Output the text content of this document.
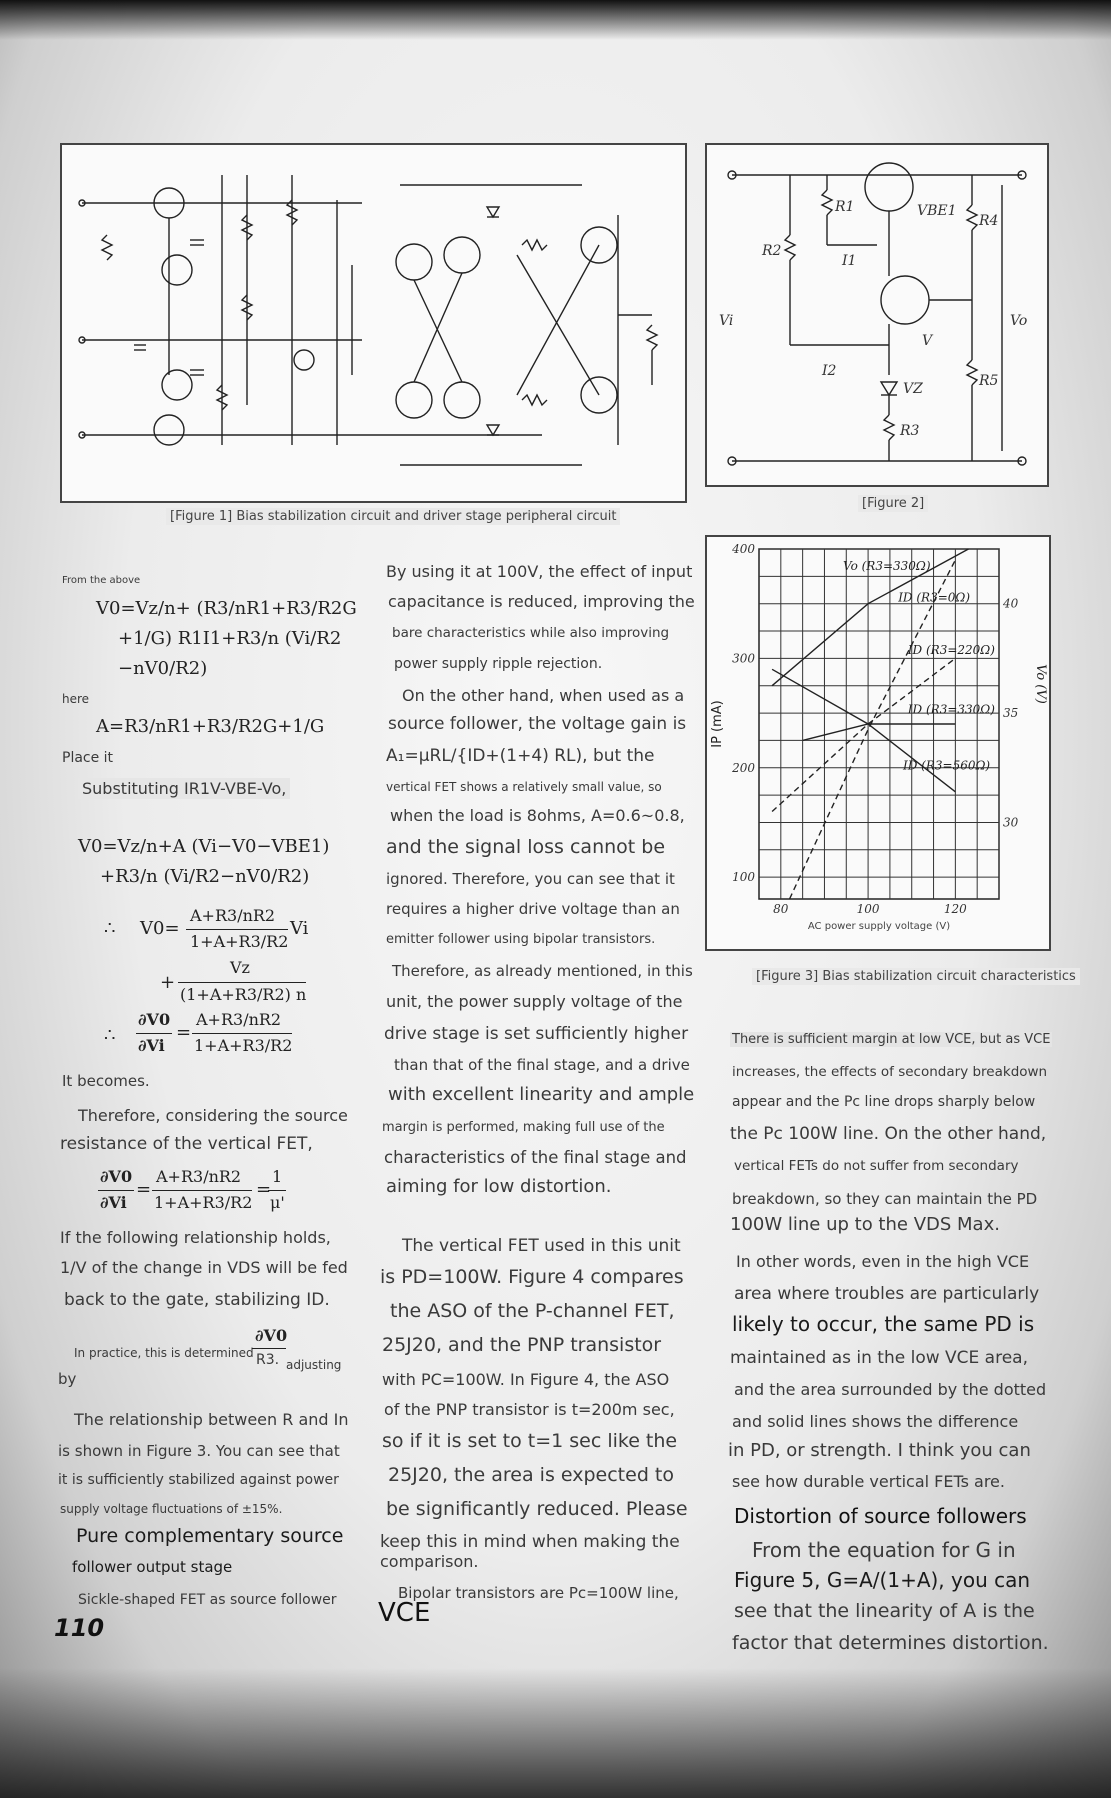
[Figure 1] Bias stabilization circuit and driver stage peripheral circuit
R1
R2
R3
R4
R5
Vi	Vo
VBE1
I1
I2
VZ
V
[Figure 2]
80	100	120
100
200
300
400
30
35
40
AC power supply voltage (V)
IP (mA)
Vo (V)
Vo (R3=330Ω)
ID (R3=0Ω)
ID (R3=220Ω)
ID (R3=330Ω)
ID (R3=560Ω)
[Figure 3] Bias stabilization circuit characteristics
From the above
V0=Vz/n+ (R3/nR1+R3/R2G
+1/G) R1I1+R3/n (Vi/R2
−nV0/R2)
here
A=R3/nR1+R3/R2G+1/G
Place it
Substituting IR1V-VBE-Vo,
V0=Vz/n+A (Vi−V0−VBE1)
+R3/n (Vi/R2−nV0/R2)
∴ V0=
A+R3/nR2
1+A+R3/R2
Vi
+
Vz
(1+A+R3/R2) n
∴
∂V0
∂Vi
=
A+R3/nR2
1+A+R3/R2
It becomes.
Therefore, considering the source
resistance of the vertical FET,
∂V0
∂Vi
=
A+R3/nR2
1+A+R3/R2
=
1
μ'
If the following relationship holds,
1/V of the change in VDS will be fed
back to the gate, stabilizing ID.
In practice, this is determined
∂V0
R3. adjusting
by
The relationship between R and In
is shown in Figure 3. You can see that
it is sufficiently stabilized against power
supply voltage fluctuations of ±15%.
Pure complementary source
follower output stage
Sickle-shaped FET as source follower
110
By using it at 100V, the effect of input
capacitance is reduced, improving the
bare characteristics while also improving
power supply ripple rejection.
On the other hand, when used as a
source follower, the voltage gain is
A₁=μRL/{ID+(1+4) RL), but the
vertical FET shows a relatively small value, so
when the load is 8ohms, A=0.6~0.8,
and the signal loss cannot be
ignored. Therefore, you can see that it
requires a higher drive voltage than an
emitter follower using bipolar transistors.
Therefore, as already mentioned, in this
unit, the power supply voltage of the
drive stage is set sufficiently higher
than that of the final stage, and a drive
with excellent linearity and ample
margin is performed, making full use of the
characteristics of the final stage and
aiming for low distortion.
The vertical FET used in this unit
is PD=100W. Figure 4 compares
the ASO of the P-channel FET,
25J20, and the PNP transistor
with PC=100W. In Figure 4, the ASO
of the PNP transistor is t=200m sec,
so if it is set to t=1 sec like the
25J20, the area is expected to
be significantly reduced. Please
keep this in mind when making the
comparison.
Bipolar transistors are Pc=100W line,
VCE
There is sufficient margin at low VCE, but as VCE
increases, the effects of secondary breakdown
appear and the Pc line drops sharply below
the Pc 100W line. On the other hand,
vertical FETs do not suffer from secondary
breakdown, so they can maintain the PD
100W line up to the VDS Max.
In other words, even in the high VCE
area where troubles are particularly
likely to occur, the same PD is
maintained as in the low VCE area,
and the area surrounded by the dotted
and solid lines shows the difference
in PD, or strength. I think you can
see how durable vertical FETs are.
Distortion of source followers
From the equation for G in
Figure 5, G=A/(1+A), you can
see that the linearity of A is the
factor that determines distortion.
